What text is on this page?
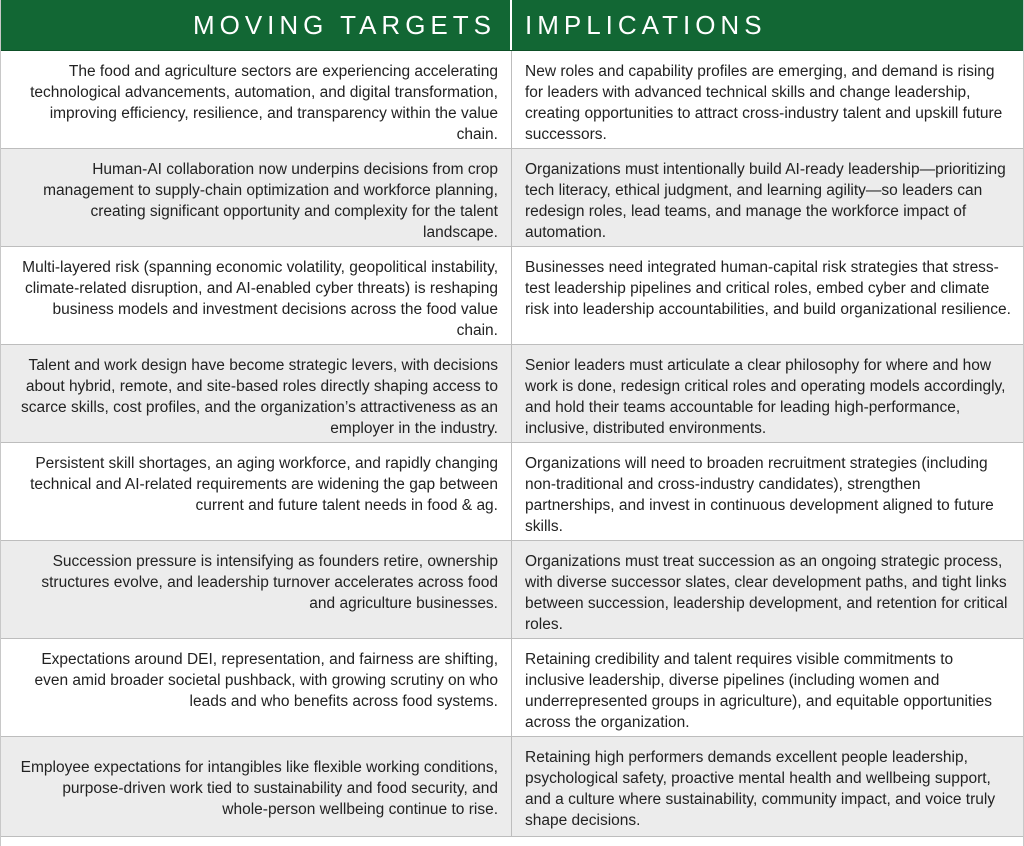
MOVING TARGETS	IMPLICATIONS
The food and agriculture sectors are experiencing accelerating technological advancements, automation, and digital transformation, improving efficiency, resilience, and transparency within the value chain.
New roles and capability profiles are emerging, and demand is rising for leaders with advanced technical skills and change leadership, creating opportunities to attract cross-industry talent and upskill future successors.
Human-AI collaboration now underpins decisions from crop management to supply-chain optimization and workforce planning, creating significant opportunity and complexity for the talent landscape.
Organizations must intentionally build AI-ready leadership—prioritizing tech literacy, ethical judgment, and learning agility—so leaders can redesign roles, lead teams, and manage the workforce impact of automation.
Multi-layered risk (spanning economic volatility, geopolitical instability, climate-related disruption, and AI-enabled cyber threats) is reshaping business models and investment decisions across the food value chain.
Businesses need integrated human-capital risk strategies that stress-test leadership pipelines and critical roles, embed cyber and climate risk into leadership accountabilities, and build organizational resilience.
Talent and work design have become strategic levers, with decisions about hybrid, remote, and site-based roles directly shaping access to scarce skills, cost profiles, and the organization’s attractiveness as an employer in the industry.
Senior leaders must articulate a clear philosophy for where and how work is done, redesign critical roles and operating models accordingly, and hold their teams accountable for leading high-performance, inclusive, distributed environments.
Persistent skill shortages, an aging workforce, and rapidly changing technical and AI-related requirements are widening the gap between current and future talent needs in food & ag.
Organizations will need to broaden recruitment strategies (including non-traditional and cross-industry candidates), strengthen partnerships, and invest in continuous development aligned to future skills.
Succession pressure is intensifying as founders retire, ownership structures evolve, and leadership turnover accelerates across food and agriculture businesses.
Organizations must treat succession as an ongoing strategic process, with diverse successor slates, clear development paths, and tight links between succession, leadership development, and retention for critical roles.
Expectations around DEI, representation, and fairness are shifting, even amid broader societal pushback, with growing scrutiny on who leads and who benefits across food systems.
Retaining credibility and talent requires visible commitments to inclusive leadership, diverse pipelines (including women and underrepresented groups in agriculture), and equitable opportunities across the organization.
Employee expectations for intangibles like flexible working conditions, purpose-driven work tied to sustainability and food security, and whole-person wellbeing continue to rise.
Retaining high performers demands excellent people leadership, psychological safety, proactive mental health and wellbeing support, and a culture where sustainability, community impact, and voice truly shape decisions.
